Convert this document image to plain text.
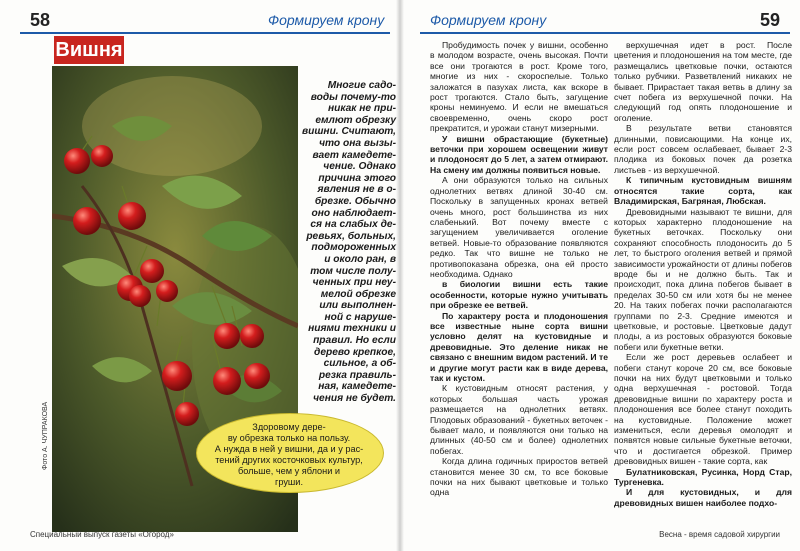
58	Формируем крону
Фото А. ЧУПРАКОВА
Вишня
Многие садо-
воды почему-то
никак не при-
емлют обрезку
вишни. Считают,
что она вызы-
вает камедете-
чение. Однако
причина этого
явления не в о-
брезке. Обычно
оно наблюдает-
ся на слабых де-
ревьях, больных,
подмороженных
и около ран, в
том числе полу-
ченных при неу-
мелой обрезке
или выполнен-
ной с наруше-
ниями техники и
правил. Но если
дерево крепкое,
сильное, а об-
резка правиль-
ная, камедете-
чения не будет.
Здоровому дере-
ву обрезка только на пользу.
А нужда в ней у вишни, да и у рас-
тений других косточковых культур,
больше, чем у яблони и
груши.
Специальный выпуск газеты «Огород»
Формируем крону	59

Пробудимость почек у вишни, особенно в молодом возрасте, очень высокая. Почти все они трогаются в рост. Кроме того, многие из них - скороспелые. Только заложатся в пазухах листа, как вскоре в рост трогаются. Стало быть, загущение кроны неминуемо. И если не вмешаться своевременно, очень скоро рост прекратится, и урожаи станут мизерными.

У вишни обрастающие (букетные) веточки при хорошем освещении живут и плодоносят до 5 лет, а затем отмирают. На смену им должны появиться новые.

А они образуются только на сильных однолетних ветвях длиной 30-40 см. Поскольку в запущенных кронах ветвей очень много, рост большинства из них слабенький. Вот почему вместе с загущением увеличивается оголение ветвей. Новые-то образование появляются редко. Так что вишне не только не противопоказана обрезка, она ей просто необходима. Однако

в биологии вишни есть такие особенности, которые нужно учитывать при обрезке ее ветвей.

По характеру роста и плодоношения все известные ныне сорта вишни условно делят на кустовидные и древовидные. Это деление никак не связано с внешним видом растений. И те и другие могут расти как в виде дерева, так и кустом.

К кустовидным относят растения, у которых большая часть урожая размещается на однолетних ветвях. Плодовых образований - букетных веточек - бывает мало, и появляются они только на длинных (40-50 см и более) однолетних побегах.

Когда длина годичных приростов ветвей становится менее 30 см, то все боковые почки на них бывают цветковые и только одна

верхушечная идет в рост. После цветения и плодоношения на том месте, где размещались цветковые почки, остаются только рубчики. Разветвлений никаких не бывает. Прирастает такая ветвь в длину за счет побега из верхушечной почки. На следующий год опять плодоношение и оголение.

В результате ветви становятся длинными, повисающими. На конце их, если рост совсем ослабевает, бывает 2-3 плодика из боковых почек да розетка листьев - из верхушечной.

К типичным кустовидным вишням относятся такие сорта, как Владимирская, Багряная, Любская.

Древовидными называют те вишни, для которых характерно плодоношение на букетных веточках. Поскольку они сохраняют способность плодоносить до 5 лет, то быстрого оголения ветвей и прямой зависимости урожайности от длины побегов вроде бы и не должно быть. Так и происходит, пока длина побегов бывает в пределах 30-50 см или хотя бы не менее 20. На таких побегах почки располагаются группами по 2-3. Средние имеются и цветковые, и ростовые. Цветковые дадут плоды, а из ростовых образуются боковые побеги или букетные ветки.

Если же рост деревьев ослабеет и побеги станут короче 20 см, все боковые почки на них будут цветковыми и только одна верхушечная - ростовой. Тогда древовидные вишни по характеру роста и плодоношения все более станут походить на кустовидные. Положение может измениться, если деревья омолодят и появятся новые сильные букетные веточки, что и достигается обрезкой. Пример древовидных вишен - такие сорта, как

Булатниковская, Русинка, Норд Стар, Тургеневка.

И для кустовидных, и для древовидных вишен наиболее подхо-

Весна - время садовой хирургии
